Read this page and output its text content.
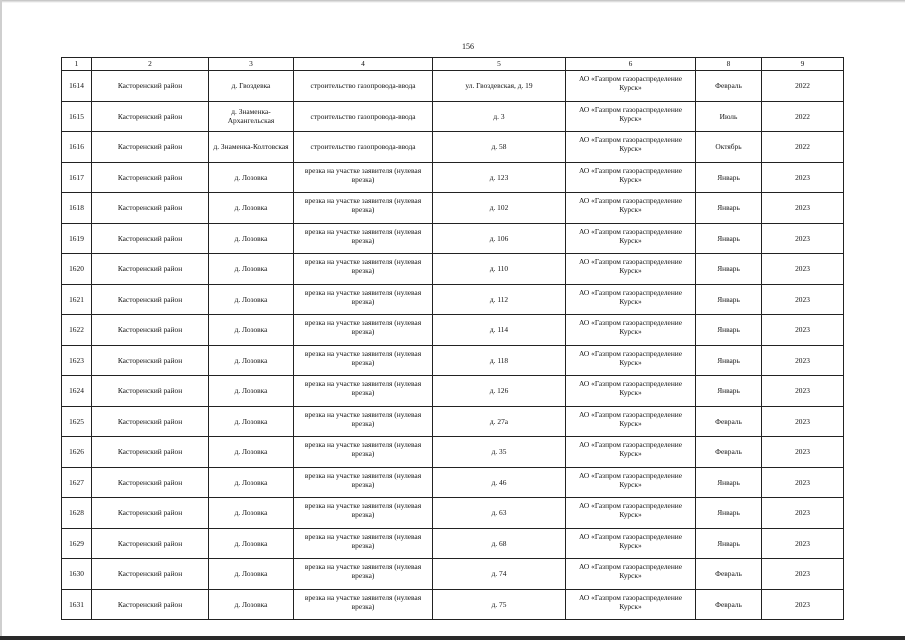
156
1	2	3	4	5	6	8	9
1614	Касторенский район	д. Гвоздевка	строительство газопровода-ввода	ул. Гвоздевская, д. 19	АО «Газпром газораспределение Курск»	Февраль	2022
1615	Касторенский район	д. Знаменка-Архангельская	строительство газопровода-ввода	д. 3	АО «Газпром газораспределение Курск»	Июль	2022
1616	Касторенский район	д. Знаменка-Колтовская	строительство газопровода-ввода	д. 58	АО «Газпром газораспределение Курск»	Октябрь	2022
1617	Касторенский район	д. Лозовка	врезка на участке заявителя (нулевая врезка)	д. 123	АО «Газпром газораспределение Курск»	Январь	2023
1618	Касторенский район	д. Лозовка	врезка на участке заявителя (нулевая врезка)	д. 102	АО «Газпром газораспределение Курск»	Январь	2023
1619	Касторенский район	д. Лозовка	врезка на участке заявителя (нулевая врезка)	д. 106	АО «Газпром газораспределение Курск»	Январь	2023
1620	Касторенский район	д. Лозовка	врезка на участке заявителя (нулевая врезка)	д. 110	АО «Газпром газораспределение Курск»	Январь	2023
1621	Касторенский район	д. Лозовка	врезка на участке заявителя (нулевая врезка)	д. 112	АО «Газпром газораспределение Курск»	Январь	2023
1622	Касторенский район	д. Лозовка	врезка на участке заявителя (нулевая врезка)	д. 114	АО «Газпром газораспределение Курск»	Январь	2023
1623	Касторенский район	д. Лозовка	врезка на участке заявителя (нулевая врезка)	д. 118	АО «Газпром газораспределение Курск»	Январь	2023
1624	Касторенский район	д. Лозовка	врезка на участке заявителя (нулевая врезка)	д. 126	АО «Газпром газораспределение Курск»	Январь	2023
1625	Касторенский район	д. Лозовка	врезка на участке заявителя (нулевая врезка)	д. 27а	АО «Газпром газораспределение Курск»	Февраль	2023
1626	Касторенский район	д. Лозовка	врезка на участке заявителя (нулевая врезка)	д. 35	АО «Газпром газораспределение Курск»	Февраль	2023
1627	Касторенский район	д. Лозовка	врезка на участке заявителя (нулевая врезка)	д. 46	АО «Газпром газораспределение Курск»	Январь	2023
1628	Касторенский район	д. Лозовка	врезка на участке заявителя (нулевая врезка)	д. 63	АО «Газпром газораспределение Курск»	Январь	2023
1629	Касторенский район	д. Лозовка	врезка на участке заявителя (нулевая врезка)	д. 68	АО «Газпром газораспределение Курск»	Январь	2023
1630	Касторенский район	д. Лозовка	врезка на участке заявителя (нулевая врезка)	д. 74	АО «Газпром газораспределение Курск»	Февраль	2023
1631	Касторенский район	д. Лозовка	врезка на участке заявителя (нулевая врезка)	д. 75	АО «Газпром газораспределение Курск»	Февраль	2023
